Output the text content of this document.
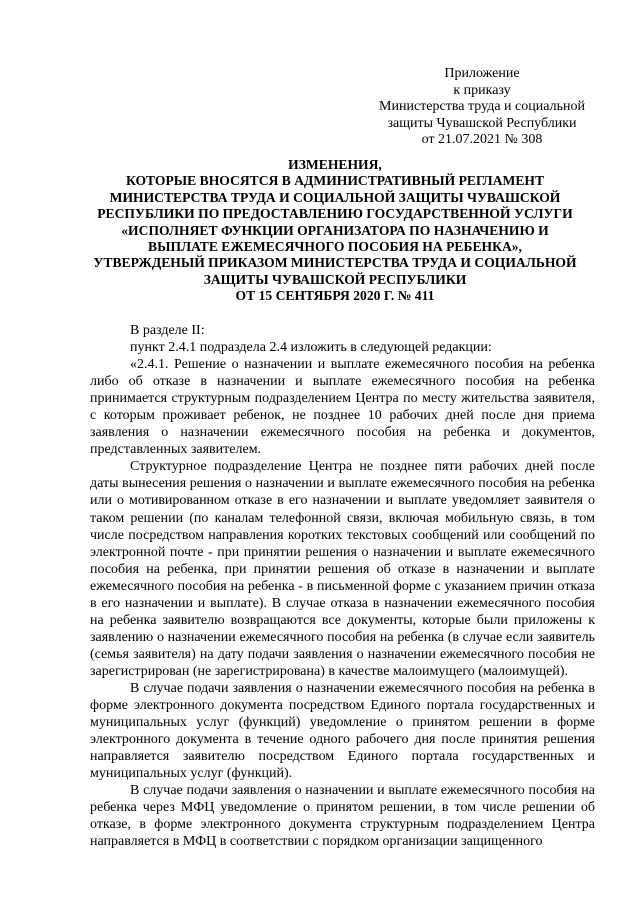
Приложение
к приказу
Министерства труда и социальной
защиты Чувашской Республики
от 21.07.2021 № 308
ИЗМЕНЕНИЯ,
КОТОРЫЕ ВНОСЯТСЯ В АДМИНИСТРАТИВНЫЙ РЕГЛАМЕНТ
МИНИСТЕРСТВА ТРУДА И СОЦИАЛЬНОЙ ЗАЩИТЫ ЧУВАШСКОЙ
РЕСПУБЛИКИ ПО ПРЕДОСТАВЛЕНИЮ ГОСУДАРСТВЕННОЙ УСЛУГИ
«ИСПОЛНЯЕТ ФУНКЦИИ ОРГАНИЗАТОРА ПО НАЗНАЧЕНИЮ И
ВЫПЛАТЕ ЕЖЕМЕСЯЧНОГО ПОСОБИЯ НА РЕБЕНКА»,
УТВЕРЖДЕНЫЙ ПРИКАЗОМ МИНИСТЕРСТВА ТРУДА И СОЦИАЛЬНОЙ
ЗАЩИТЫ ЧУВАШСКОЙ РЕСПУБЛИКИ
ОТ 15 СЕНТЯБРЯ 2020 Г. № 411

В разделе II:

пункт 2.4.1 подраздела 2.4 изложить в следующей редакции:

«2.4.1. Решение о назначении и выплате ежемесячного пособия на ребенка либо об отказе в назначении и выплате ежемесячного пособия на ребенка принимается структурным подразделением Центра по месту жительства заявителя, с которым проживает ребенок, не позднее 10 рабочих дней после дня приема заявления о назначении ежемесячного пособия на ребенка и документов, представленных заявителем.

Структурное подразделение Центра не позднее пяти рабочих дней после даты вынесения решения о назначении и выплате ежемесячного пособия на ребенка или о мотивированном отказе в его назначении и выплате уведомляет заявителя о таком решении (по каналам телефонной связи, включая мобильную связь, в том числе посредством направления коротких текстовых сообщений или сообщений по электронной почте - при принятии решения о назначении и выплате ежемесячного пособия на ребенка, при принятии решения об отказе в назначении и выплате ежемесячного пособия на ребенка - в письменной форме с указанием причин отказа в его назначении и выплате). В случае отказа в назначении ежемесячного пособия на ребенка заявителю возвращаются все документы, которые были приложены к заявлению о назначении ежемесячного пособия на ребенка (в случае если заявитель (семья заявителя) на дату подачи заявления о назначении ежемесячного пособия не зарегистрирован (не зарегистрирована) в качестве малоимущего (малоимущей).

В случае подачи заявления о назначении ежемесячного пособия на ребенка в форме электронного документа посредством Единого портала государственных и муниципальных услуг (функций) уведомление о принятом решении в форме электронного документа в течение одного рабочего дня после принятия решения направляется заявителю посредством Единого портала государственных и муниципальных услуг (функций).

В случае подачи заявления о назначении и выплате ежемесячного пособия на ребенка через МФЦ уведомление о принятом решении, в том числе решении об отказе, в форме электронного документа структурным подразделением Центра направляется в МФЦ в соответствии с порядком организации защищенного
